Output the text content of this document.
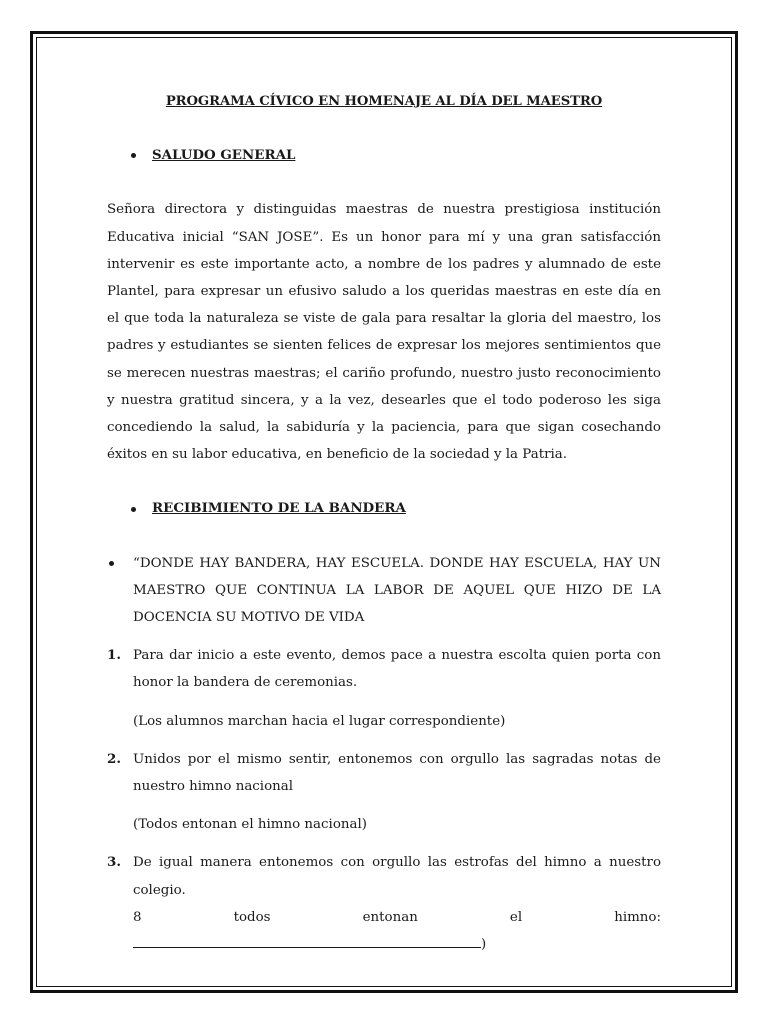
PROGRAMA CÍVICO EN HOMENAJE AL DÍA DEL MAESTRO

SALUDO GENERAL

Señora directora y distinguidas maestras de nuestra prestigiosa institución Educativa inicial “SAN JOSE”. Es un honor para mí y una gran satisfacción intervenir es este importante acto, a nombre de los padres y alumnado de este Plantel, para expresar un efusivo saludo a los queridas maestras en este día en el que toda la naturaleza se viste de gala para resaltar la gloria del maestro, los padres y estudiantes se sienten felices de expresar los mejores sentimientos que se merecen nuestras maestras; el cariño profundo, nuestro justo reconocimiento y nuestra gratitud sincera, y a la vez, desearles que el todo poderoso les siga concediendo la salud, la sabiduría y la paciencia, para que sigan cosechando éxitos en su labor educativa, en beneficio de la sociedad y la Patria.

RECIBIMIENTO DE LA BANDERA

“DONDE HAY BANDERA, HAY ESCUELA. DONDE HAY ESCUELA, HAY UN MAESTRO QUE CONTINUA LA LABOR DE AQUEL QUE HIZO DE LA DOCENCIA SU MOTIVO DE VIDA
1. Para dar inicio a este evento, demos pace a nuestra escolta quien porta con honor la bandera de ceremonias.

(Los alumnos marchan hacia el lugar correspondiente)

2. Unidos por el mismo sentir, entonemos con orgullo las sagradas notas de nuestro himno nacional

(Todos entonan el himno nacional)

3. De igual manera entonemos con orgullo las estrofas del himno a nuestro colegio.
8 todos entonan el himno: )
